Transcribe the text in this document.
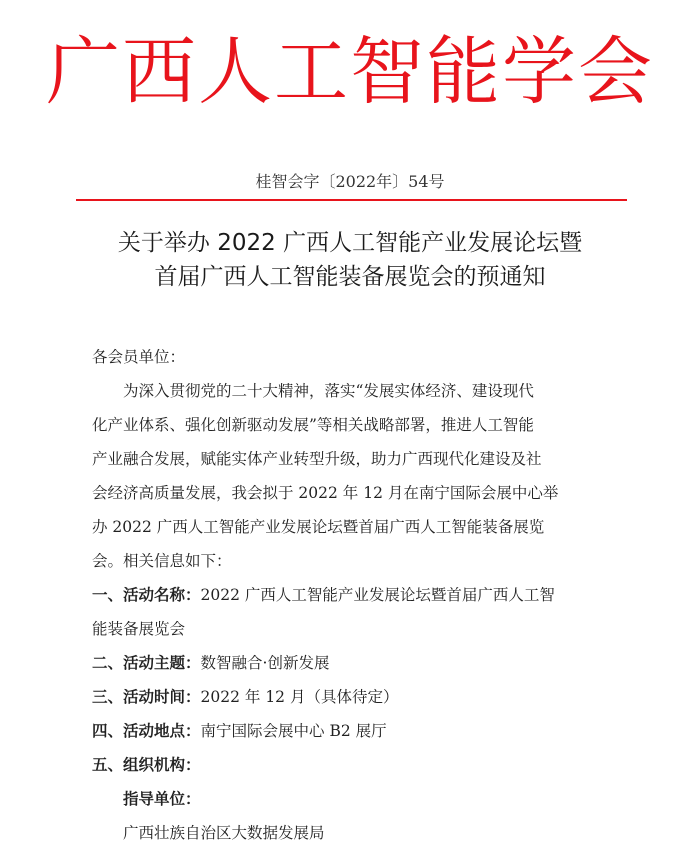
广西人工智能学会
桂智会字〔2022年〕54号
关于举办 2022 广西人工智能产业发展论坛暨
首届广西人工智能装备展览会的预通知
各会员单位：
为深入贯彻党的二十大精神，落实“发展实体经济、建设现代
化产业体系、强化创新驱动发展”等相关战略部署，推进人工智能
产业融合发展，赋能实体产业转型升级，助力广西现代化建设及社
会经济高质量发展，我会拟于 2022 年 12 月在南宁国际会展中心举
办 2022 广西人工智能产业发展论坛暨首届广西人工智能装备展览
会。相关信息如下：
一、活动名称：2022 广西人工智能产业发展论坛暨首届广西人工智
能装备展览会
二、活动主题：数智融合·创新发展
三、活动时间：2022 年 12 月（具体待定）
四、活动地点：南宁国际会展中心 B2 展厅
五、组织机构：
指导单位：
广西壮族自治区大数据发展局
